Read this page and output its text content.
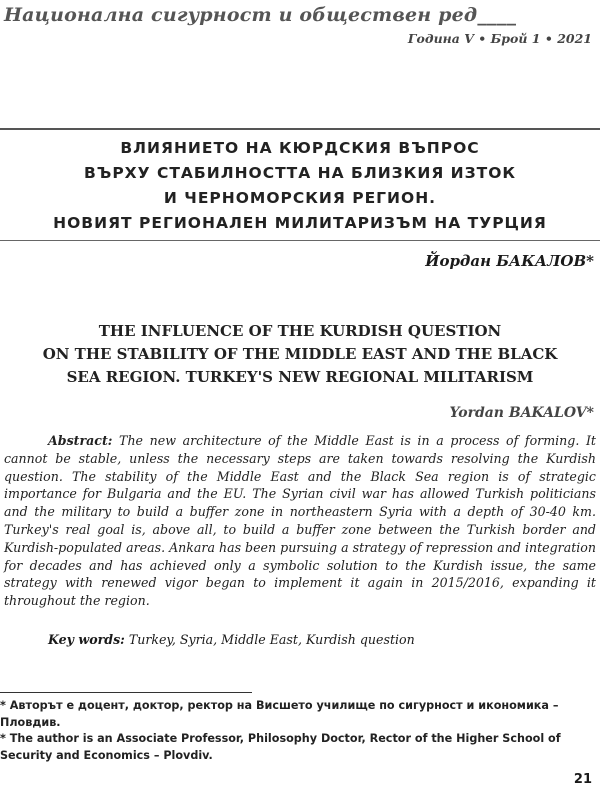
Национална сигурност и обществен ред____
Година V • Брой 1 • 2021
ВЛИЯНИЕТО НА КЮРДСКИЯ ВЪПРОС
ВЪРХУ СТАБИЛНОСТТА НА БЛИЗКИЯ ИЗТОК
И ЧЕРНОМОРСКИЯ РЕГИОН.
НОВИЯТ РЕГИОНАЛЕН МИЛИТАРИЗЪМ НА ТУРЦИЯ
Йордан БАКАЛОВ*
THE INFLUENCE OF THE KURDISH QUESTION
ON THE STABILITY OF THE MIDDLE EAST AND THE BLACK
SEA REGION. TURKEY'S NEW REGIONAL MILITARISM
Yordan BAKALOV*

Abstract: The new architecture of the Middle East is in a process of forming. It cannot be stable, unless the necessary steps are taken towards resolving the Kurdish question. The stability of the Middle East and the Black Sea region is of strategic importance for Bulgaria and the EU. The Syrian civil war has allowed Turkish politicians and the military to build a buffer zone in northeastern Syria with a depth of 30-40 km. Turkey's real goal is, above all, to build a buffer zone between the Turkish border and Kurdish-populated areas. Ankara has been pursuing a strategy of repression and integration for decades and has achieved only a symbolic solution to the Kurdish issue, the same strategy with renewed vigor began to implement it again in 2015/2016, expanding it throughout the region.

Key words: Turkey, Syria, Middle East, Kurdish question

* Авторът е доцент, доктор, ректор на Висшето училище по сигурност и икономика – Пловдив.

* The author is an Associate Professor, Philosophy Doctor, Rector of the Higher School of Security and Economics – Plovdiv.

21
